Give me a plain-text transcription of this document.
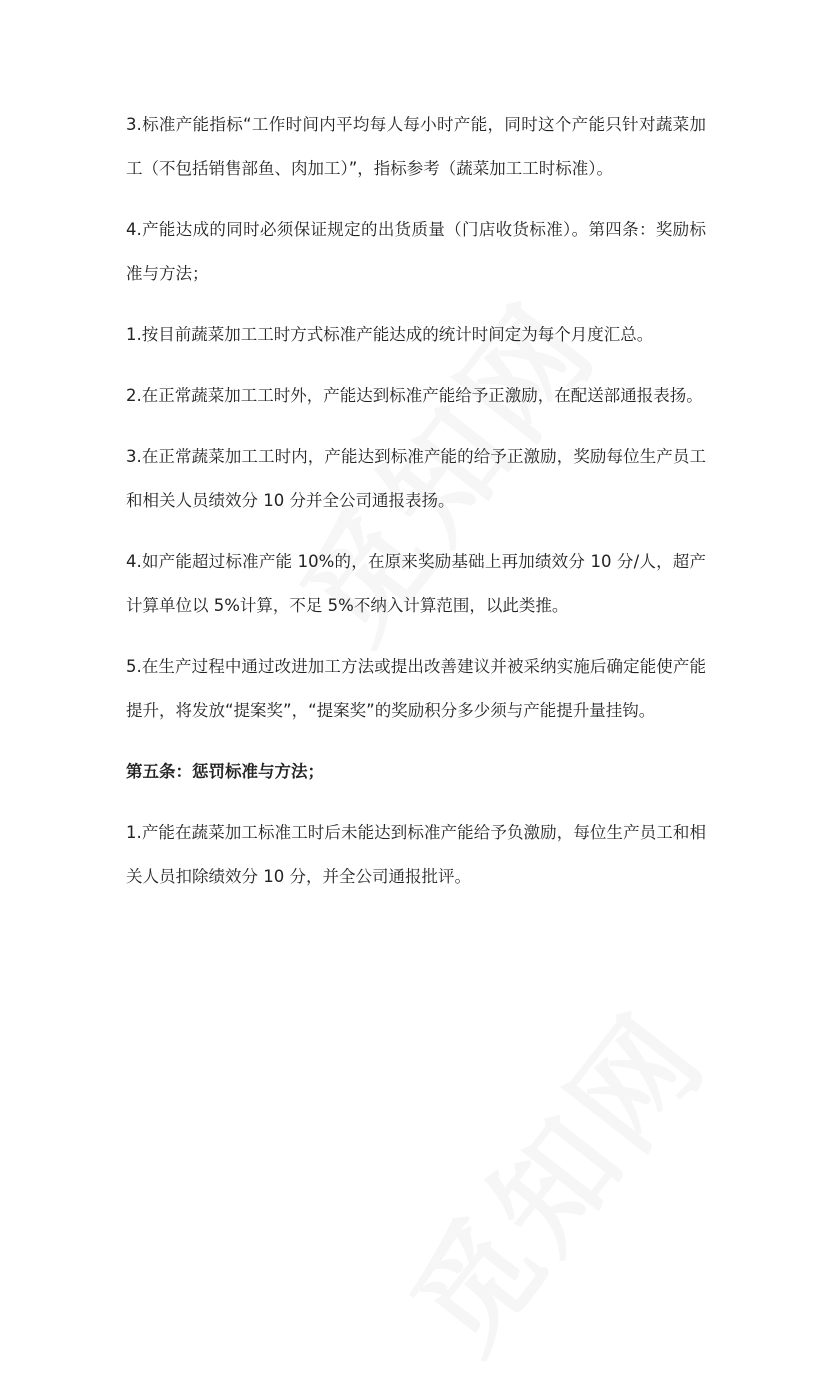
3.标准产能指标“工作时间内平均每人每小时产能，同时这个产能只针对蔬菜加工（不包括销售部鱼、肉加工）”，指标参考（蔬菜加工工时标准）。

4.产能达成的同时必须保证规定的出货质量（门店收货标准）。第四条：奖励标准与方法；

1.按目前蔬菜加工工时方式标准产能达成的统计时间定为每个月度汇总。

2.在正常蔬菜加工工时外，产能达到标准产能给予正激励，在配送部通报表扬。

3.在正常蔬菜加工工时内，产能达到标准产能的给予正激励，奖励每位生产员工和相关人员绩效分 10 分并全公司通报表扬。

4.如产能超过标准产能 10%的，在原来奖励基础上再加绩效分 10 分/人，超产计算单位以 5%计算，不足 5%不纳入计算范围，以此类推。

5.在生产过程中通过改进加工方法或提出改善建议并被采纳实施后确定能使产能提升，将发放“提案奖”，“提案奖”的奖励积分多少须与产能提升量挂钩。

第五条：惩罚标准与方法；

1.产能在蔬菜加工标准工时后未能达到标准产能给予负激励，每位生产员工和相关人员扣除绩效分 10 分，并全公司通报批评。
